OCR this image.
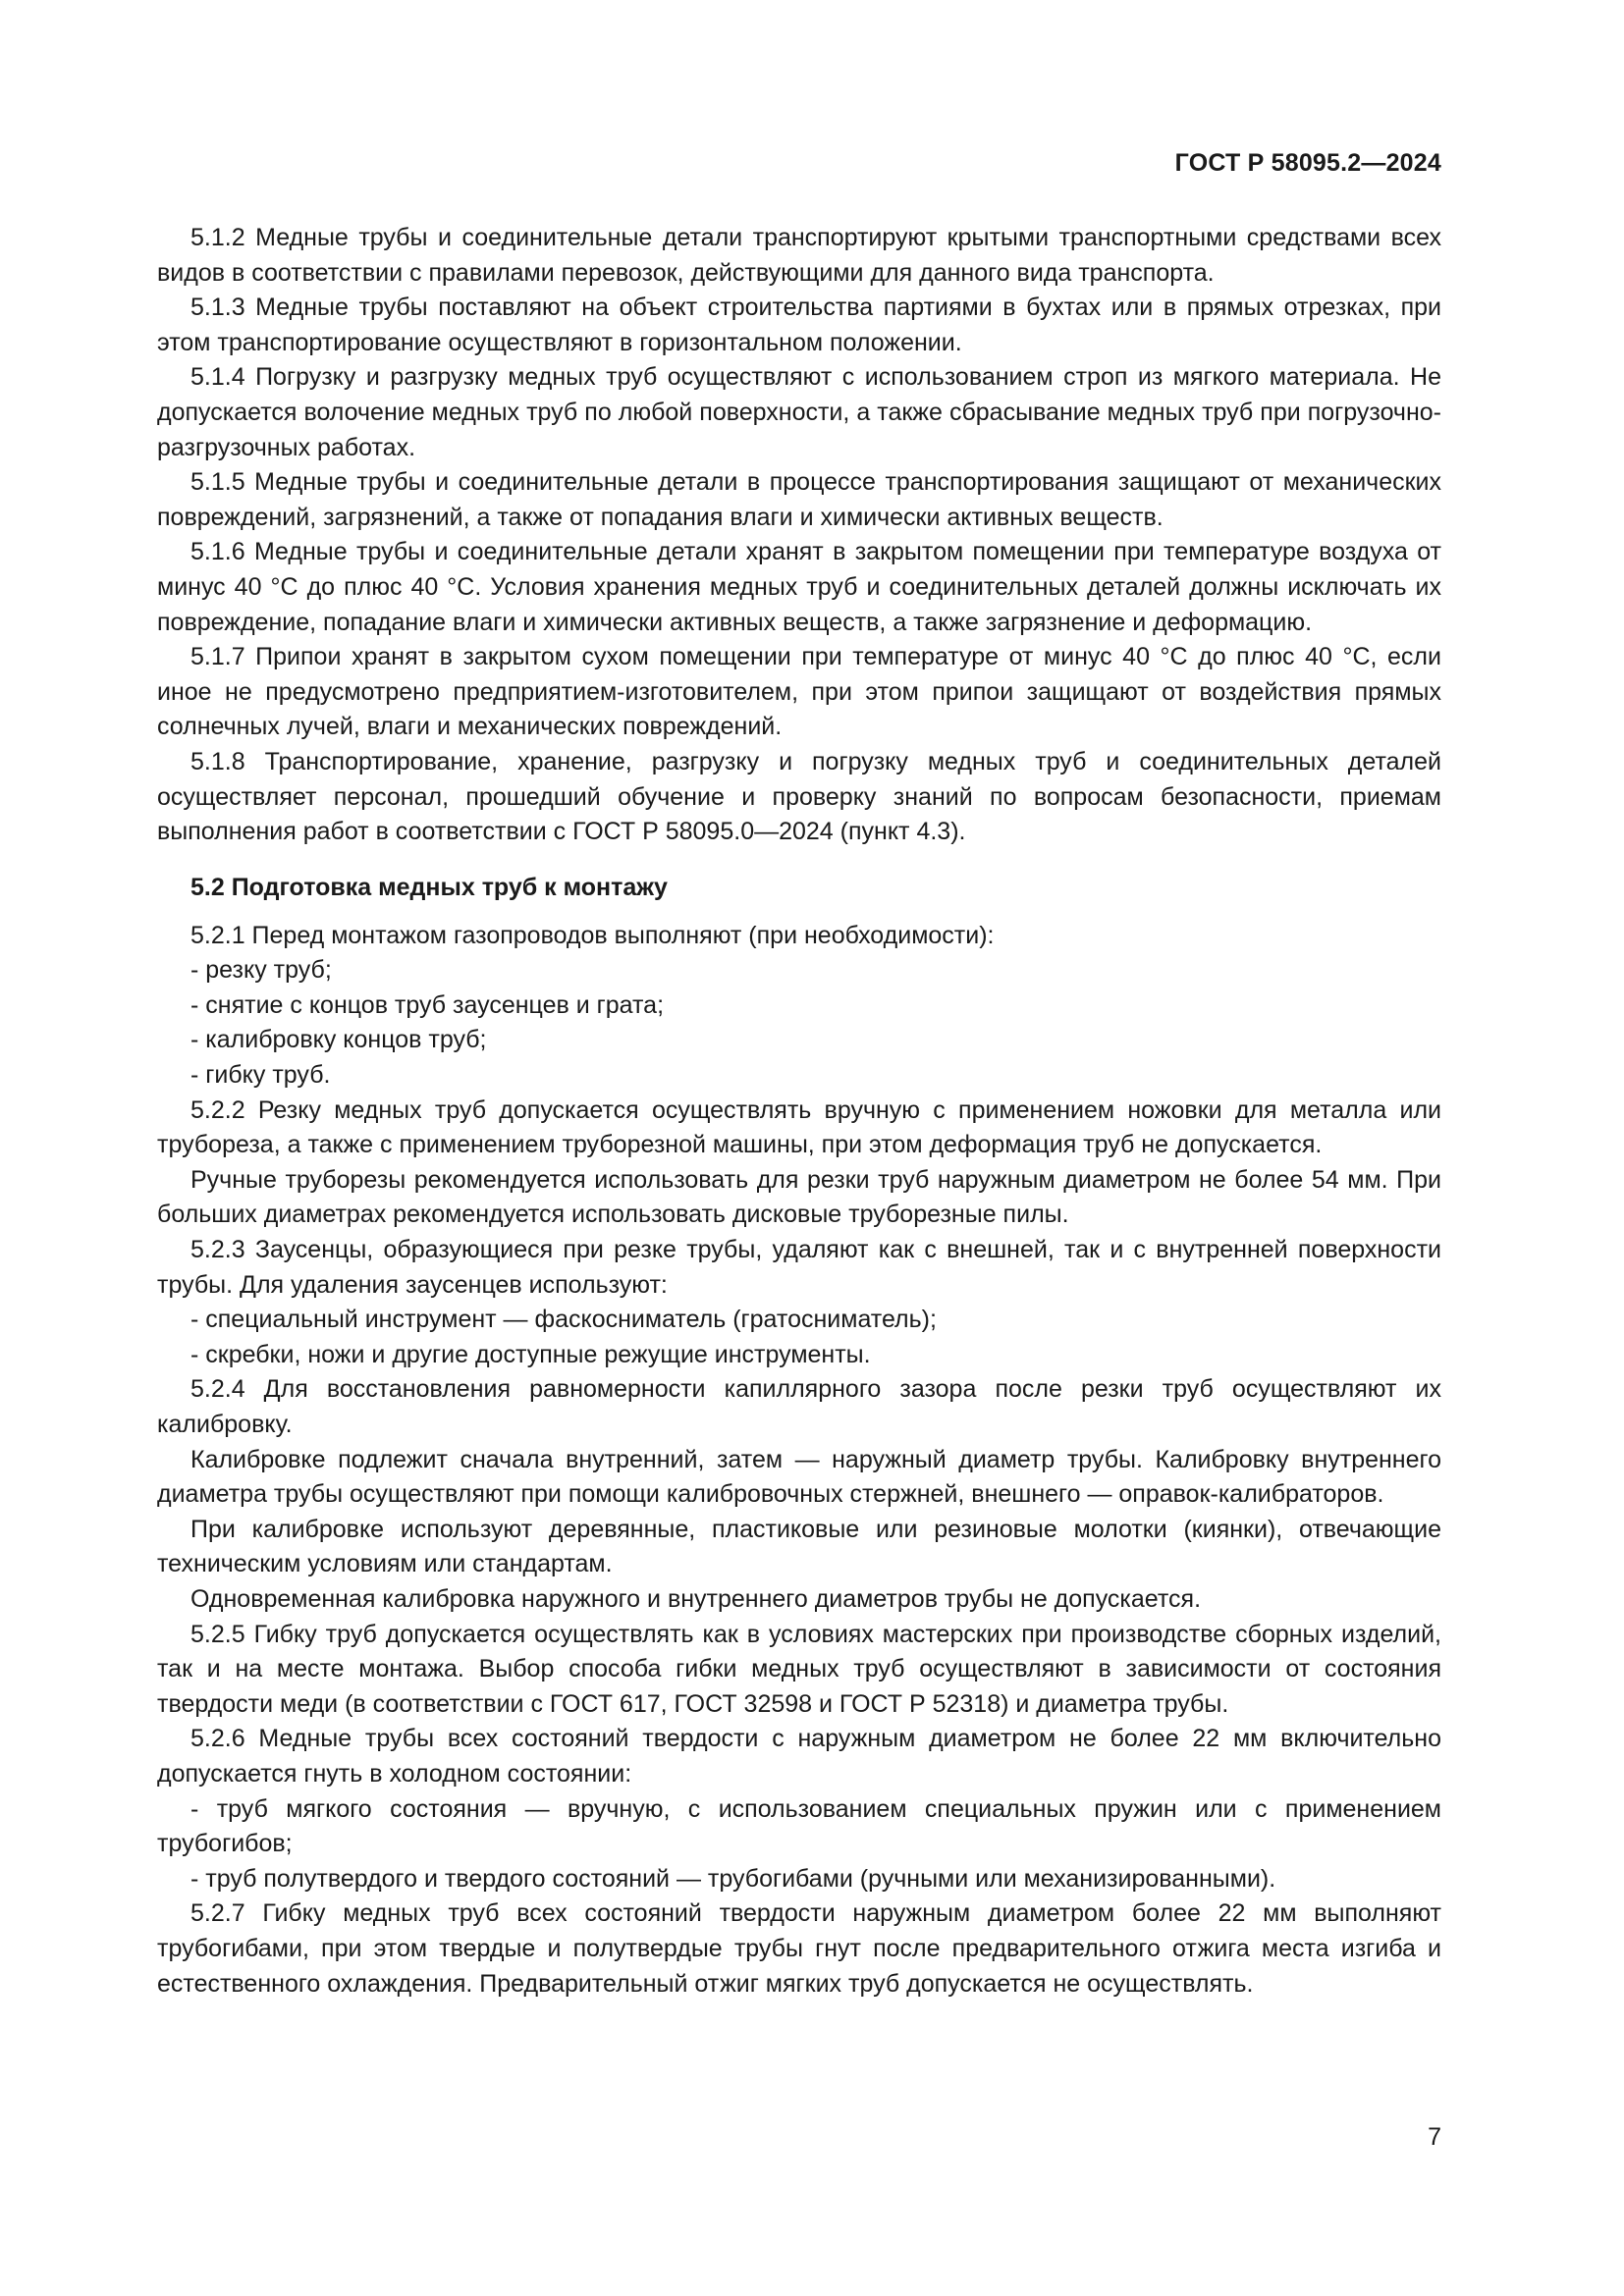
ГОСТ Р 58095.2—2024

5.1.2 Медные трубы и соединительные детали транспортируют крытыми транспортными средствами всех видов в соответствии с правилами перевозок, действующими для данного вида транспорта.

5.1.3 Медные трубы поставляют на объект строительства партиями в бухтах или в прямых отрезках, при этом транспортирование осуществляют в горизонтальном положении.

5.1.4 Погрузку и разгрузку медных труб осуществляют с использованием строп из мягкого материала. Не допускается волочение медных труб по любой поверхности, а также сбрасывание медных труб при погрузочно-разгрузочных работах.

5.1.5 Медные трубы и соединительные детали в процессе транспортирования защищают от механических повреждений, загрязнений, а также от попадания влаги и химически активных веществ.

5.1.6 Медные трубы и соединительные детали хранят в закрытом помещении при температуре воздуха от минус 40 °С до плюс 40 °С. Условия хранения медных труб и соединительных деталей должны исключать их повреждение, попадание влаги и химически активных веществ, а также загрязнение и деформацию.

5.1.7 Припои хранят в закрытом сухом помещении при температуре от минус 40 °С до плюс 40 °С, если иное не предусмотрено предприятием-изготовителем, при этом припои защищают от воздействия прямых солнечных лучей, влаги и механических повреждений.

5.1.8 Транспортирование, хранение, разгрузку и погрузку медных труб и соединительных деталей осуществляет персонал, прошедший обучение и проверку знаний по вопросам безопасности, приемам выполнения работ в соответствии с ГОСТ Р 58095.0—2024 (пункт 4.3).

5.2 Подготовка медных труб к монтажу

5.2.1 Перед монтажом газопроводов выполняют (при необходимости):

- резку труб;

- снятие с концов труб заусенцев и грата;

- калибровку концов труб;

- гибку труб.

5.2.2 Резку медных труб допускается осуществлять вручную с применением ножовки для металла или трубореза, а также с применением труборезной машины, при этом деформация труб не допускается.

Ручные труборезы рекомендуется использовать для резки труб наружным диаметром не более 54 мм. При больших диаметрах рекомендуется использовать дисковые труборезные пилы.

5.2.3 Заусенцы, образующиеся при резке трубы, удаляют как с внешней, так и с внутренней поверхности трубы. Для удаления заусенцев используют:

- специальный инструмент — фаскосниматель (гратосниматель);

- скребки, ножи и другие доступные режущие инструменты.

5.2.4 Для восстановления равномерности капиллярного зазора после резки труб осуществляют их калибровку.

Калибровке подлежит сначала внутренний, затем — наружный диаметр трубы. Калибровку внутреннего диаметра трубы осуществляют при помощи калибровочных стержней, внешнего — оправок-калибраторов.

При калибровке используют деревянные, пластиковые или резиновые молотки (киянки), отвечающие техническим условиям или стандартам.

Одновременная калибровка наружного и внутреннего диаметров трубы не допускается.

5.2.5 Гибку труб допускается осуществлять как в условиях мастерских при производстве сборных изделий, так и на месте монтажа. Выбор способа гибки медных труб осуществляют в зависимости от состояния твердости меди (в соответствии с ГОСТ 617, ГОСТ 32598 и ГОСТ Р 52318) и диаметра трубы.

5.2.6 Медные трубы всех состояний твердости с наружным диаметром не более 22 мм включительно допускается гнуть в холодном состоянии:

- труб мягкого состояния — вручную, с использованием специальных пружин или с применением трубогибов;

- труб полутвердого и твердого состояний — трубогибами (ручными или механизированными).

5.2.7 Гибку медных труб всех состояний твердости наружным диаметром более 22 мм выполняют трубогибами, при этом твердые и полутвердые трубы гнут после предварительного отжига места изгиба и естественного охлаждения. Предварительный отжиг мягких труб допускается не осуществлять.

7
